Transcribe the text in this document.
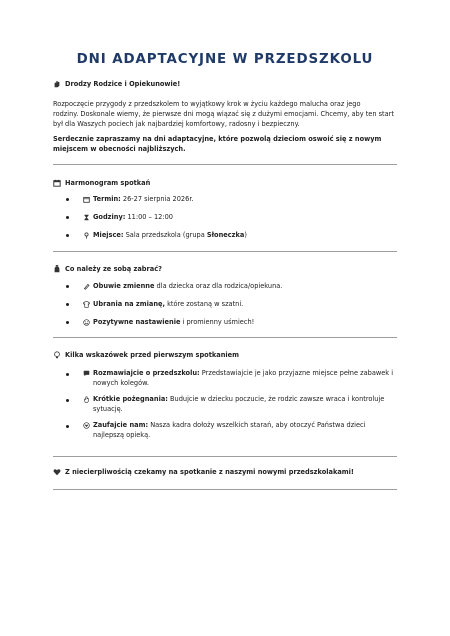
DNI ADAPTACYJNE W PRZEDSZKOLU
Drodzy Rodzice i Opiekunowie!
Rozpoczęcie przygody z przedszkolem to wyjątkowy krok w życiu każdego malucha oraz jego
rodziny. Doskonale wiemy, że pierwsze dni mogą wiązać się z dużymi emocjami. Chcemy, aby ten start
był dla Waszych pociech jak najbardziej komfortowy, radosny i bezpieczny.
Serdecznie zapraszamy na dni adaptacyjne, które pozwolą dzieciom oswoić się z nowym
miejscem w obecności najbliższych.
Harmonogram spotkań
Termin: 26-27 sierpnia 2026r.
Godziny: 11:00 – 12:00
Miejsce: Sala przedszkola (grupa Słoneczka)
Co należy ze sobą zabrać?
Obuwie zmienne dla dziecka oraz dla rodzica/opiekuna.
Ubrania na zmianę, które zostaną w szatni.
Pozytywne nastawienie i promienny uśmiech!
Kilka wskazówek przed pierwszym spotkaniem
Rozmawiajcie o przedszkolu: Przedstawiajcie je jako przyjazne miejsce pełne zabawek i
nowych kolegów.
Krótkie pożegnania: Budujcie w dziecku poczucie, że rodzic zawsze wraca i kontroluje
sytuację.
Zaufajcie nam: Nasza kadra dołoży wszelkich starań, aby otoczyć Państwa dzieci
najlepszą opieką.
Z niecierpliwością czekamy na spotkanie z naszymi nowymi przedszkolakami!
